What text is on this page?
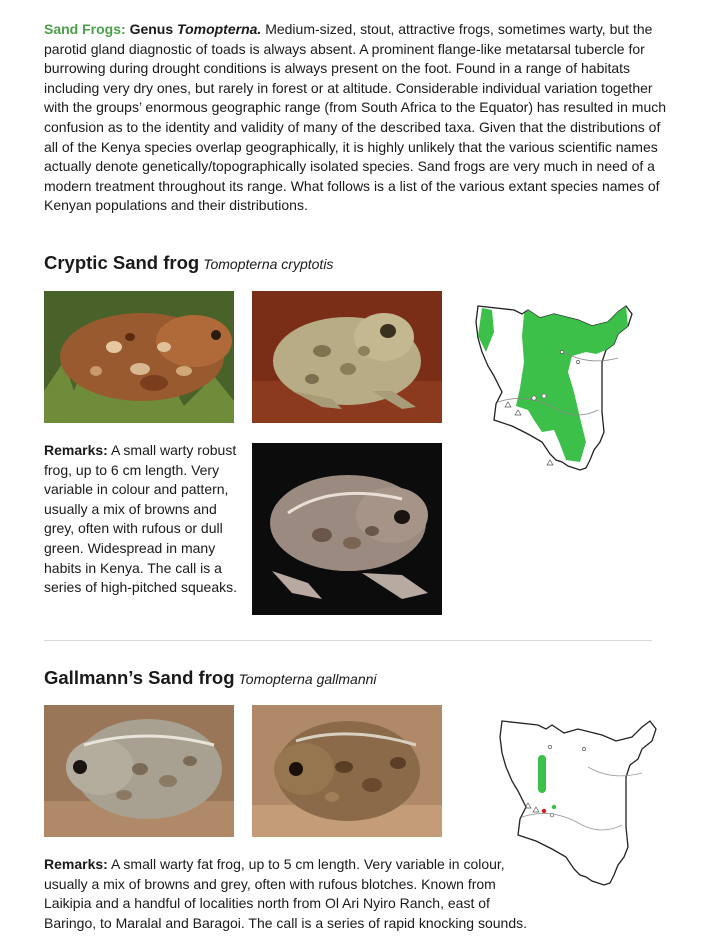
Sand Frogs: Genus Tomopterna. Medium-sized, stout, attractive frogs, sometimes warty, but the parotid gland diagnostic of toads is always absent. A prominent flange-like metatarsal tubercle for burrowing during drought conditions is always present on the foot. Found in a range of habitats including very dry ones, but rarely in forest or at altitude. Considerable individual variation together with the groups’ enormous geographic range (from South Africa to the Equator) has resulted in much confusion as to the identity and validity of many of the described taxa. Given that the distributions of all of the Kenya species overlap geographically, it is highly unlikely that the various scientific names actually denote genetically/topographically isolated species. Sand frogs are very much in need of a modern treatment throughout its range. What follows is a list of the various extant species names of Kenyan populations and their distributions.

Cryptic Sand frog Tomopterna cryptotis

Remarks: A small warty robust frog, up to 6 cm length. Very variable in colour and pattern, usually a mix of browns and grey, often with rufous or dull green. Widespread in many habits in Kenya. The call is a series of high-pitched squeaks.

Gallmann’s Sand frog Tomopterna gallmanni

Remarks: A small warty fat frog, up to 5 cm length. Very variable in colour, usually a mix of browns and grey, often with rufous blotches. Known from Laikipia and a handful of localities north from Ol Ari Nyiro Ranch, east of Baringo, to Maralal and Baragoi. The call is a series of rapid knocking sounds.
